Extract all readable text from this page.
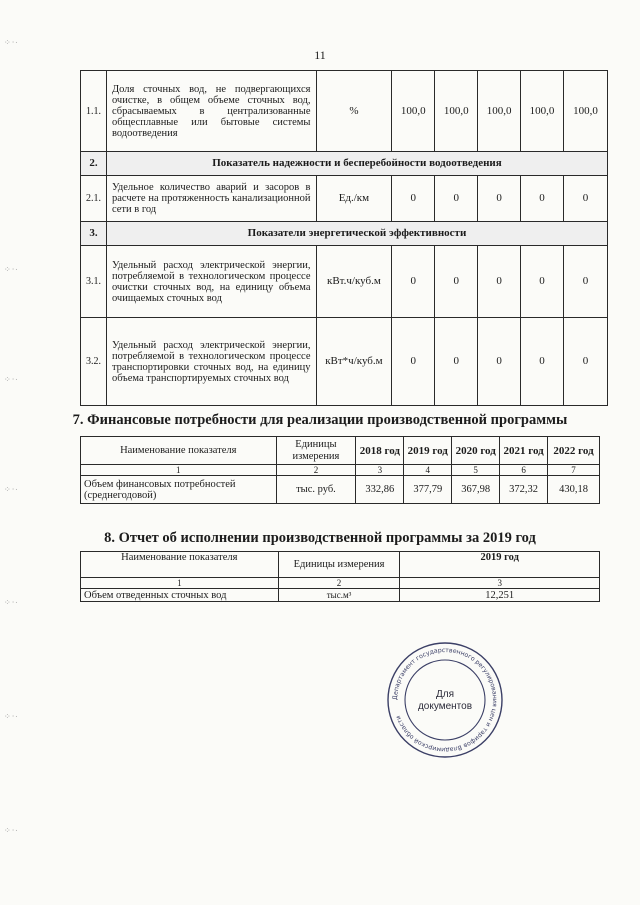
11
1.1.	Доля сточных вод, не подвергающихся очистке, в общем объеме сточных вод, сбрасываемых в централизованные общесплавные или бытовые системы водоотведения	%	100,0	100,0	100,0	100,0	100,0
2.	Показатель надежности и бесперебойности водоотведения						
2.1.	Удельное количество аварий и засоров в расчете на протяженность канализационной сети в год	Ед./км	0	0	0	0	0
3.	Показатели энергетической эффективности						
3.1.	Удельный расход электрической энергии, потребляемой в технологическом процессе очистки сточных вод, на единицу объема очищаемых сточных вод	кВт.ч/куб.м	0	0	0	0	0
3.2.	Удельный расход электрической энергии, потребляемой в технологическом процессе транспортировки сточных вод, на единицу объема транспортируемых сточных вод	кВт*ч/куб.м	0	0	0	0	0
7. Финансовые потребности для реализации производственной программы
Наименование показателя	Единицы измерения	2018 год	2019 год	2020 год	2021 год	2022 год
1	2	3	4	5	6	7
Объем финансовых потребностей (среднегодовой)	тыс. руб.	332,86	377,79	367,98	372,32	430,18
8. Отчет об исполнении производственной программы за 2019 год
Наименование показателя	Единицы измерения	2019 год
1	2	3
Объем отведенных сточных вод	тыс.м³	12,251
Департамент государственного регулирования цен и тарифов Владимирской области
Для
документов
⁘·∙
⁘·∙
⁘·∙
⁘·∙
⁘·∙
⁘·∙
⁘·∙
